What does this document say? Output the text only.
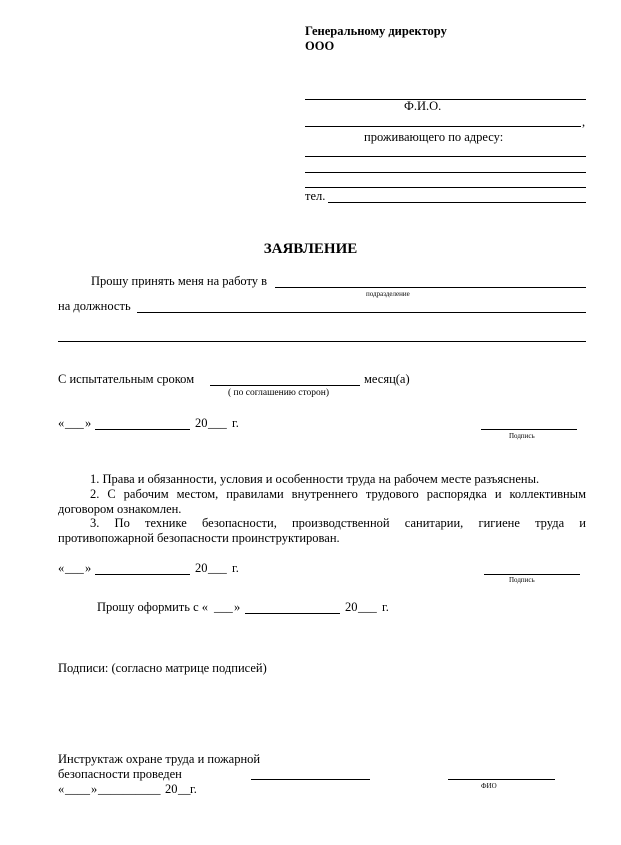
Генеральному директору
ООО
Ф.И.О.
,
проживающего по адресу:
тел.
ЗАЯВЛЕНИЕ
Прошу принять меня на работу в
подразделение
на должность
С испытательным сроком	месяц(а)
( по соглашению сторон)
« ___ »	20 ___ г.
Подпись
1. Права и обязанности, условия и особенности труда на рабочем месте разъяснены.
2. С рабочим местом, правилами внутреннего трудового распорядка и коллективным договором ознакомлен.
3. По технике безопасности, производственной санитарии, гигиене труда и противопожарной безопасности проинструктирован.
« ___ »	20 ___ г.
Подпись
Прошу оформить с « ___ »	20 ___ г.
Подписи: (согласно матрице подписей)
Инструктаж охране труда и пожарной
безопасности проведен
ФИО
« ____ » __________ 20 __ г.
